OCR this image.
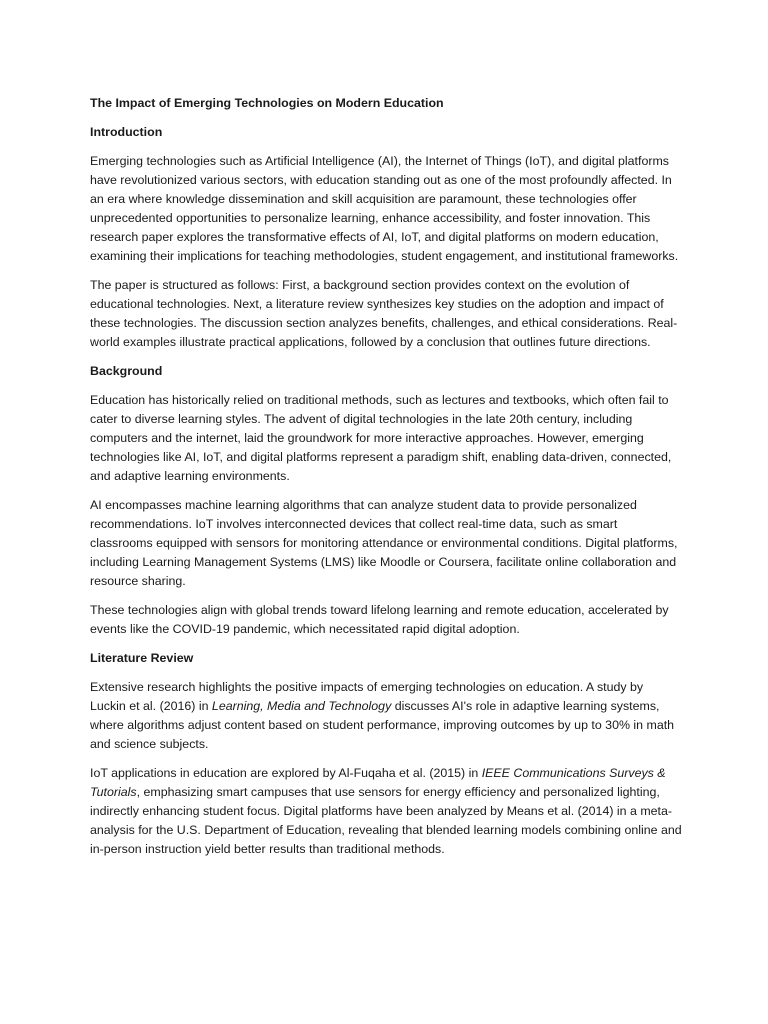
The Impact of Emerging Technologies on Modern Education
Introduction

Emerging technologies such as Artificial Intelligence (AI), the Internet of Things (IoT), and digital platforms have revolutionized various sectors, with education standing out as one of the most profoundly affected. In an era where knowledge dissemination and skill acquisition are paramount, these technologies offer unprecedented opportunities to personalize learning, enhance accessibility, and foster innovation. This research paper explores the transformative effects of AI, IoT, and digital platforms on modern education, examining their implications for teaching methodologies, student engagement, and institutional frameworks.

The paper is structured as follows: First, a background section provides context on the evolution of educational technologies. Next, a literature review synthesizes key studies on the adoption and impact of these technologies. The discussion section analyzes benefits, challenges, and ethical considerations. Real-world examples illustrate practical applications, followed by a conclusion that outlines future directions.

Background

Education has historically relied on traditional methods, such as lectures and textbooks, which often fail to cater to diverse learning styles. The advent of digital technologies in the late 20th century, including computers and the internet, laid the groundwork for more interactive approaches. However, emerging technologies like AI, IoT, and digital platforms represent a paradigm shift, enabling data-driven, connected, and adaptive learning environments.

AI encompasses machine learning algorithms that can analyze student data to provide personalized recommendations. IoT involves interconnected devices that collect real-time data, such as smart classrooms equipped with sensors for monitoring attendance or environmental conditions. Digital platforms, including Learning Management Systems (LMS) like Moodle or Coursera, facilitate online collaboration and resource sharing.

These technologies align with global trends toward lifelong learning and remote education, accelerated by events like the COVID-19 pandemic, which necessitated rapid digital adoption.

Literature Review

Extensive research highlights the positive impacts of emerging technologies on education. A study by Luckin et al. (2016) in Learning, Media and Technology discusses AI's role in adaptive learning systems, where algorithms adjust content based on student performance, improving outcomes by up to 30% in math and science subjects.

IoT applications in education are explored by Al-Fuqaha et al. (2015) in IEEE Communications Surveys & Tutorials, emphasizing smart campuses that use sensors for energy efficiency and personalized lighting, indirectly enhancing student focus. Digital platforms have been analyzed by Means et al. (2014) in a meta-analysis for the U.S. Department of Education, revealing that blended learning models combining online and in-person instruction yield better results than traditional methods.
